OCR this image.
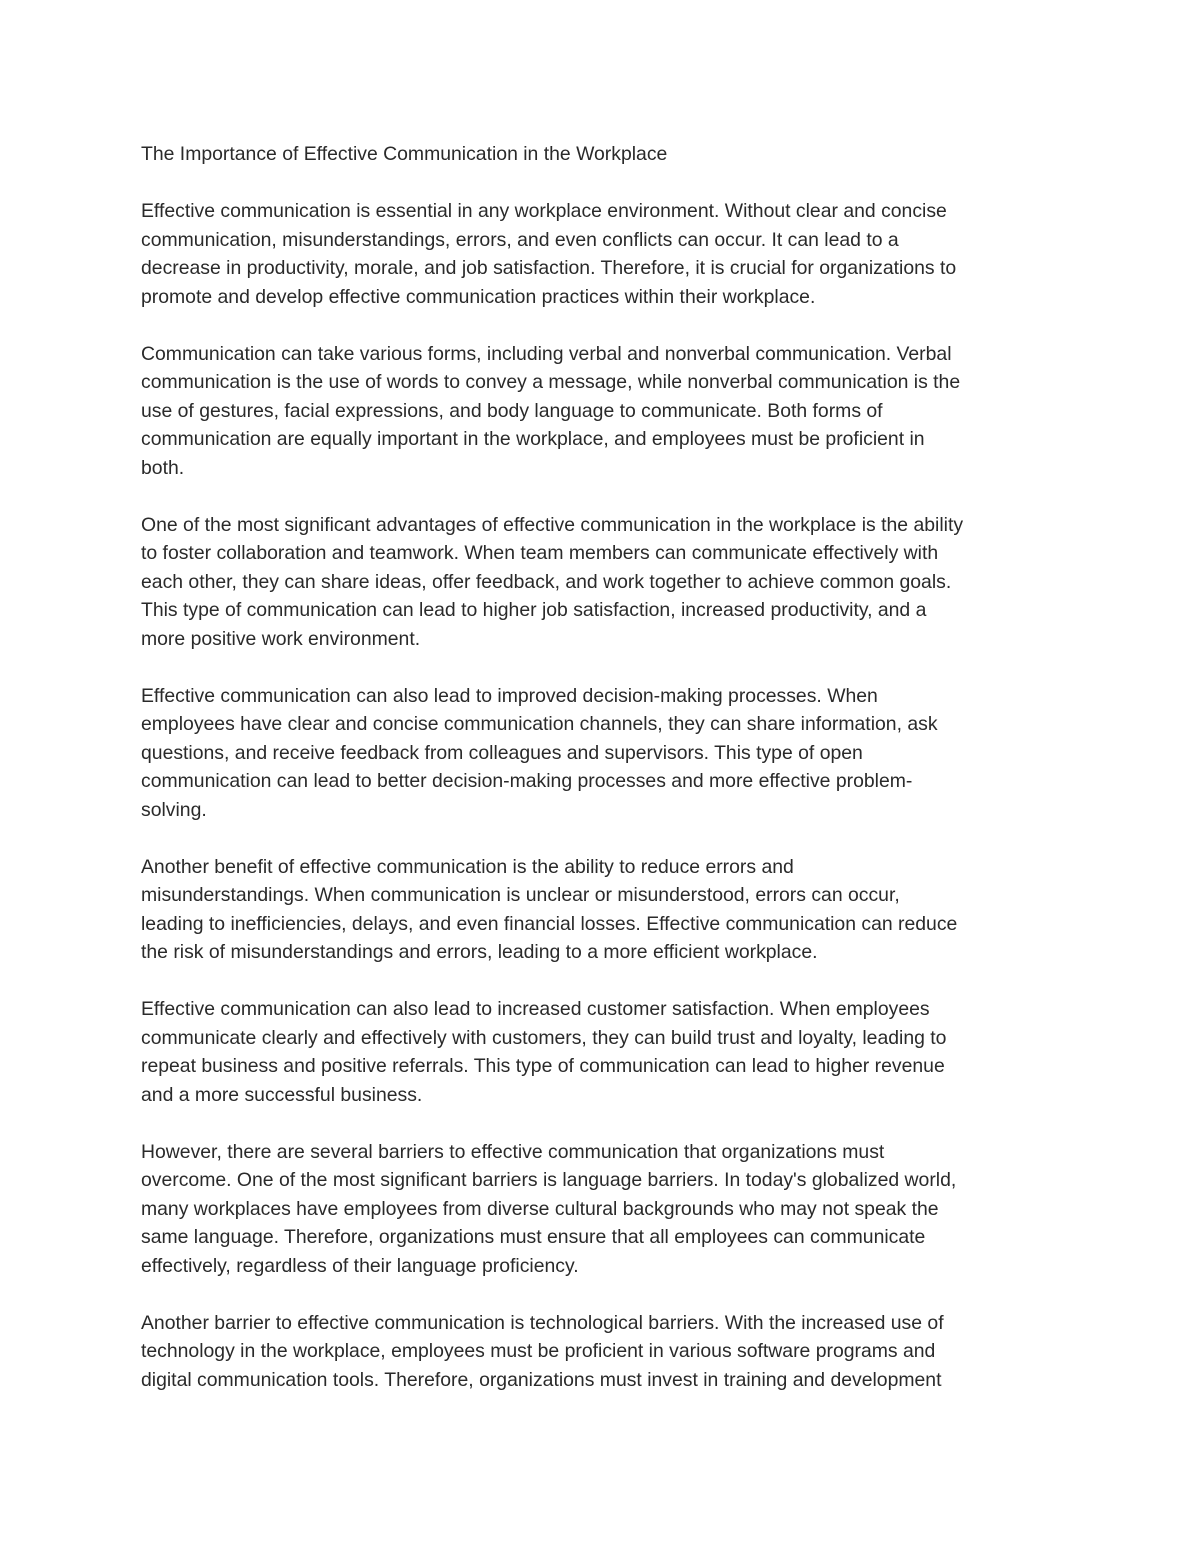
The Importance of Effective Communication in the Workplace
Effective communication is essential in any workplace environment. Without clear and concise
communication, misunderstandings, errors, and even conflicts can occur. It can lead to a
decrease in productivity, morale, and job satisfaction. Therefore, it is crucial for organizations to
promote and develop effective communication practices within their workplace.
Communication can take various forms, including verbal and nonverbal communication. Verbal
communication is the use of words to convey a message, while nonverbal communication is the
use of gestures, facial expressions, and body language to communicate. Both forms of
communication are equally important in the workplace, and employees must be proficient in
both.
One of the most significant advantages of effective communication in the workplace is the ability
to foster collaboration and teamwork. When team members can communicate effectively with
each other, they can share ideas, offer feedback, and work together to achieve common goals.
This type of communication can lead to higher job satisfaction, increased productivity, and a
more positive work environment.
Effective communication can also lead to improved decision-making processes. When
employees have clear and concise communication channels, they can share information, ask
questions, and receive feedback from colleagues and supervisors. This type of open
communication can lead to better decision-making processes and more effective problem-
solving.
Another benefit of effective communication is the ability to reduce errors and
misunderstandings. When communication is unclear or misunderstood, errors can occur,
leading to inefficiencies, delays, and even financial losses. Effective communication can reduce
the risk of misunderstandings and errors, leading to a more efficient workplace.
Effective communication can also lead to increased customer satisfaction. When employees
communicate clearly and effectively with customers, they can build trust and loyalty, leading to
repeat business and positive referrals. This type of communication can lead to higher revenue
and a more successful business.
However, there are several barriers to effective communication that organizations must
overcome. One of the most significant barriers is language barriers. In today's globalized world,
many workplaces have employees from diverse cultural backgrounds who may not speak the
same language. Therefore, organizations must ensure that all employees can communicate
effectively, regardless of their language proficiency.
Another barrier to effective communication is technological barriers. With the increased use of
technology in the workplace, employees must be proficient in various software programs and
digital communication tools. Therefore, organizations must invest in training and development
